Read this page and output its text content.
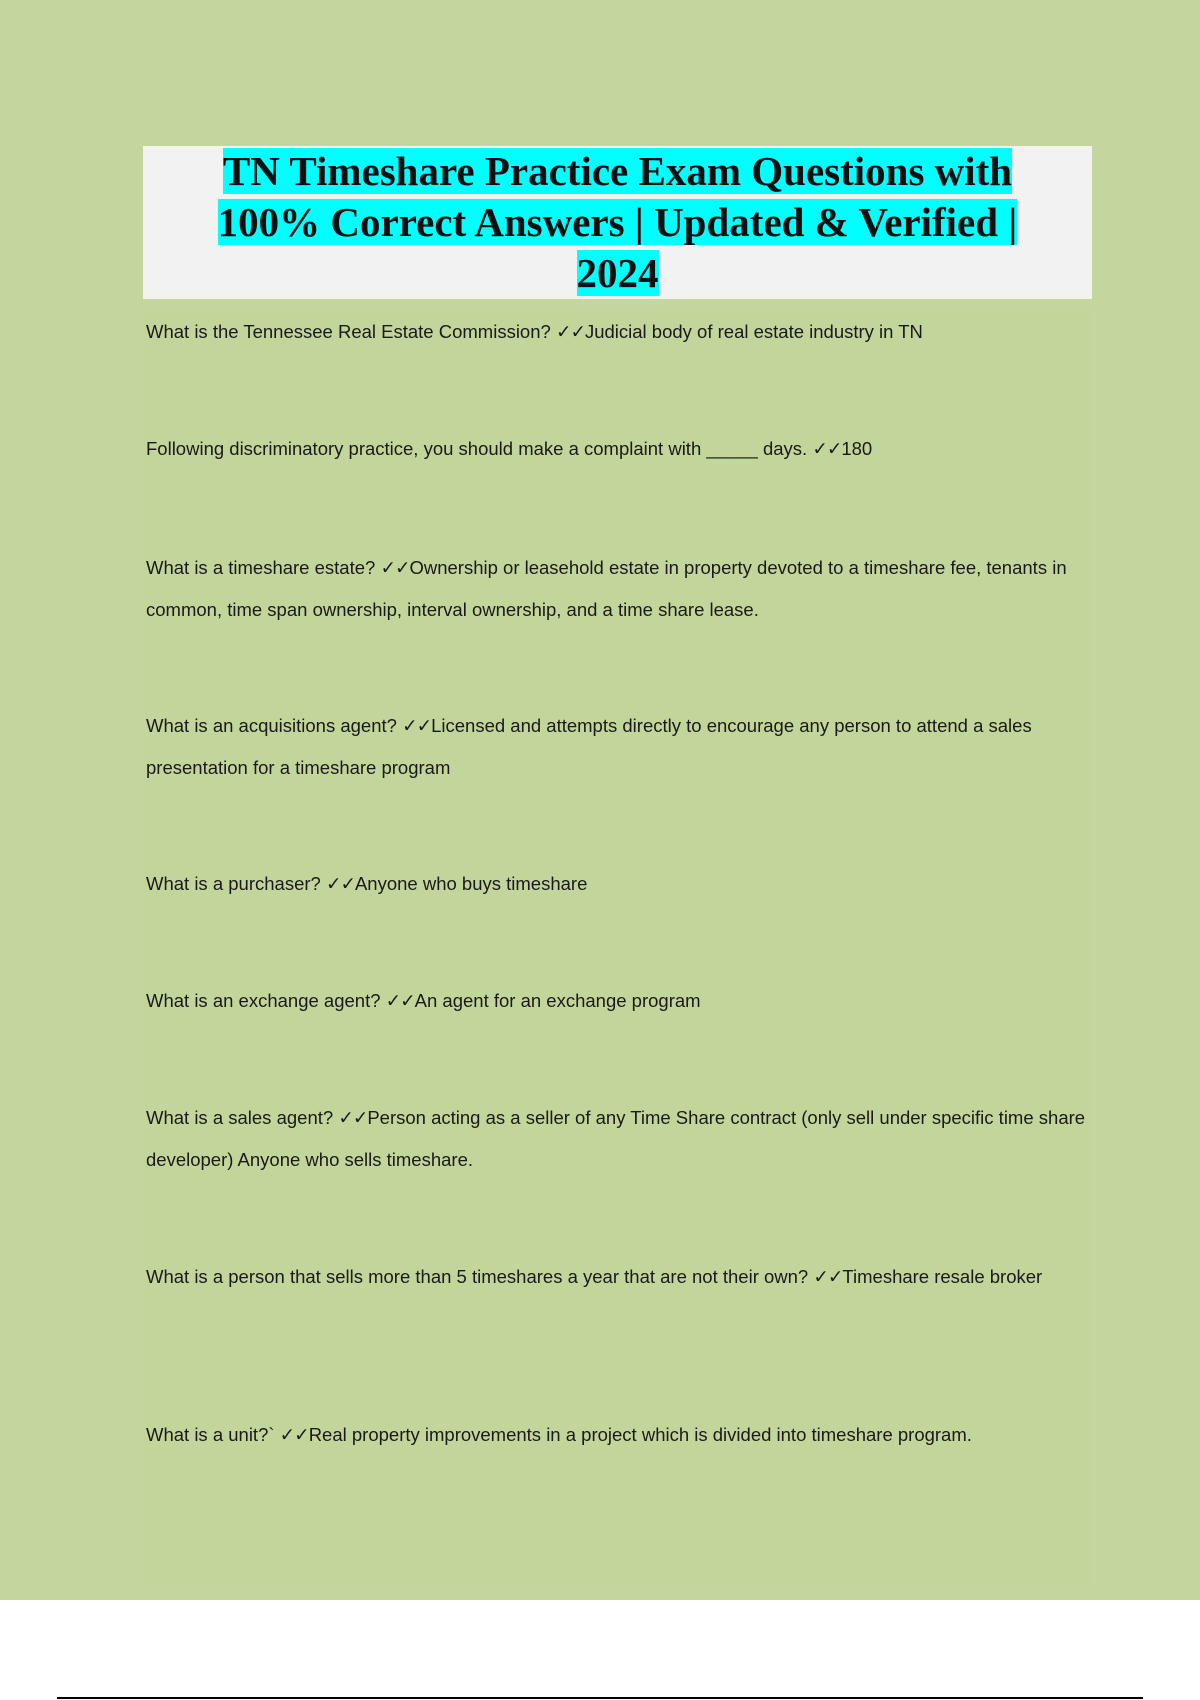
TN Timeshare Practice Exam Questions with
100% Correct Answers | Updated & Verified |
2024

What is the Tennessee Real Estate Commission? ✓✓Judicial body of real estate industry in TN

Following discriminatory practice, you should make a complaint with _____ days. ✓✓180

What is a timeshare estate? ✓✓Ownership or leasehold estate in property devoted to a timeshare fee, tenants in common, time span ownership, interval ownership, and a time share lease.

What is an acquisitions agent? ✓✓Licensed and attempts directly to encourage any person to attend a sales presentation for a timeshare program

What is a purchaser? ✓✓Anyone who buys timeshare

What is an exchange agent? ✓✓An agent for an exchange program

What is a sales agent? ✓✓Person acting as a seller of any Time Share contract (only sell under specific time share developer) Anyone who sells timeshare.

What is a person that sells more than 5 timeshares a year that are not their own? ✓✓Timeshare resale broker

What is a unit?` ✓✓Real property improvements in a project which is divided into timeshare program.
